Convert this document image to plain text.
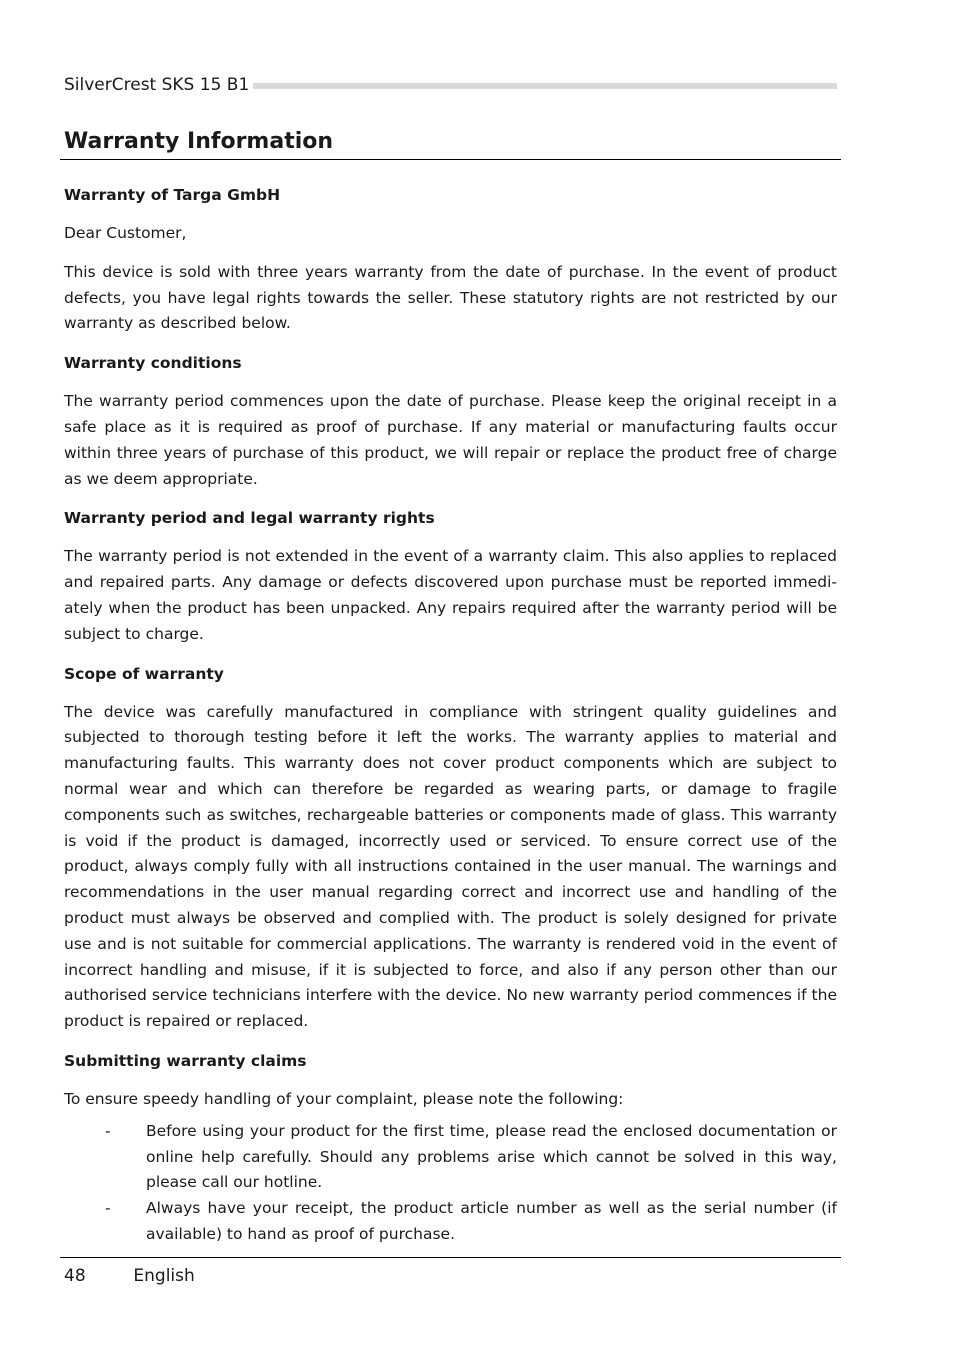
SilverCrest SKS 15 B1
Warranty Information
Warranty of Targa GmbH
Dear Customer,
This device is sold with three years warranty from the date of purchase. In the event of product defects, you have legal rights towards the seller. These statutory rights are not restricted by our warranty as described below.
Warranty conditions
The warranty period commences upon the date of purchase. Please keep the original receipt in a safe place as it is required as proof of purchase. If any material or manufacturing faults occur within three years of purchase of this product, we will repair or replace the product free of charge as we deem appropriate.
Warranty period and legal warranty rights
The warranty period is not extended in the event of a warranty claim. This also applies to replaced and repaired parts. Any damage or defects discovered upon purchase must be reported immediately when the product has been unpacked. Any repairs required after the warranty period will be subject to charge.
Scope of warranty
The device was carefully manufactured in compliance with stringent quality guidelines and subjected to thorough testing before it left the works. The warranty applies to material and manufacturing faults. This warranty does not cover product components which are subject to normal wear and which can therefore be regarded as wearing parts, or damage to fragile components such as switches, rechargeable batteries or components made of glass. This warranty is void if the product is damaged, incorrectly used or serviced. To ensure correct use of the product, always comply fully with all instructions contained in the user manual. The warnings and recommendations in the user manual regarding correct and incorrect use and handling of the product must always be observed and complied with. The product is solely designed for private use and is not suitable for commercial applications. The warranty is rendered void in the event of incorrect handling and misuse, if it is subjected to force, and also if any person other than our authorised service technicians interfere with the device. No new warranty period commences if the product is repaired or replaced.
Submitting warranty claims
To ensure speedy handling of your complaint, please note the following:
- Before using your product for the first time, please read the enclosed documentation or online help carefully. Should any problems arise which cannot be solved in this way, please call our hotline.
- Always have your receipt, the product article number as well as the serial number (if available) to hand as proof of purchase.
48	English
